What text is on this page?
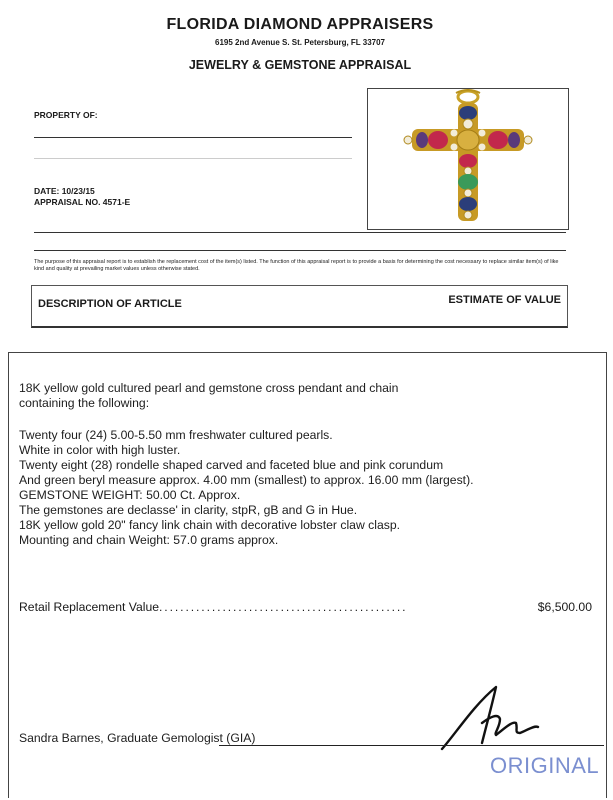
FLORIDA DIAMOND APPRAISERS
6195 2nd Avenue S. St. Petersburg, FL 33707
JEWELRY & GEMSTONE APPRAISAL
PROPERTY OF:
DATE: 10/23/15
APPRAISAL NO. 4571-E
The purpose of this appraisal report is to establish the replacement cost of the item(s) listed. The function of this appraisal report is to provide a basis for determining the cost necessary to replace similar item(s) of like kind and quality at prevailing market values unless otherwise stated.
DESCRIPTION OF ARTICLE	ESTIMATE OF VALUE
18K yellow gold cultured pearl and gemstone cross pendant and chain
containing the following:
Twenty four (24) 5.00-5.50 mm freshwater cultured pearls.
White in color with high luster.
Twenty eight (28) rondelle shaped carved and faceted blue and pink corundum
And green beryl measure approx. 4.00 mm (smallest) to approx. 16.00 mm (largest).
GEMSTONE WEIGHT: 50.00 Ct. Approx.
The gemstones are declasse' in clarity, stpR, gB and G in Hue.
18K yellow gold 20" fancy link chain with decorative lobster claw clasp.
Mounting and chain Weight: 57.0 grams approx.
Retail Replacement Value...............................................	$6,500.00
Sandra Barnes, Graduate Gemologist (GIA)
ORIGINAL
